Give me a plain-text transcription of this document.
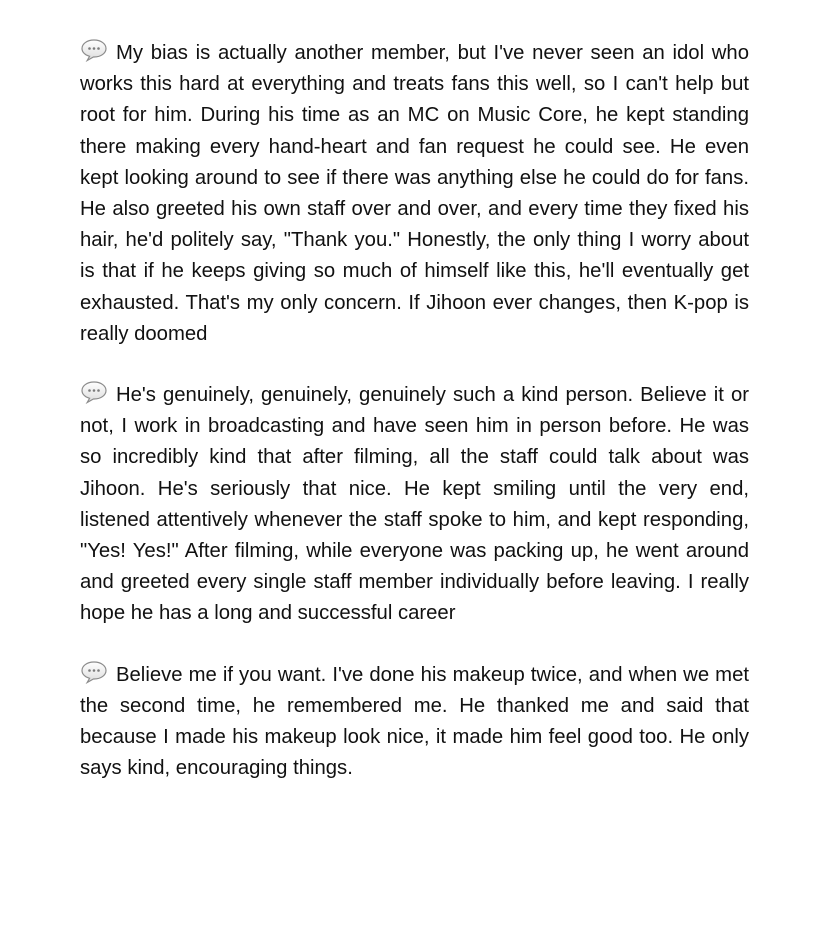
My bias is actually another member, but I've never seen an idol who works this hard at everything and treats fans this well, so I can't help but root for him. During his time as an MC on Music Core, he kept standing there making every hand-heart and fan request he could see. He even kept looking around to see if there was anything else he could do for fans. He also greeted his own staff over and over, and every time they fixed his hair, he'd politely say, "Thank you." Honestly, the only thing I worry about is that if he keeps giving so much of himself like this, he'll eventually get exhausted. That's my only concern. If Jihoon ever changes, then K-pop is really doomed

He's genuinely, genuinely, genuinely such a kind person. Believe it or not, I work in broadcasting and have seen him in person before. He was so incredibly kind that after filming, all the staff could talk about was Jihoon. He's seriously that nice. He kept smiling until the very end, listened attentively whenever the staff spoke to him, and kept responding, "Yes! Yes!" After filming, while everyone was packing up, he went around and greeted every single staff member individually before leaving. I really hope he has a long and successful career

Believe me if you want. I've done his makeup twice, and when we met the second time, he remembered me. He thanked me and said that because I made his makeup look nice, it made him feel good too. He only says kind, encouraging things.
